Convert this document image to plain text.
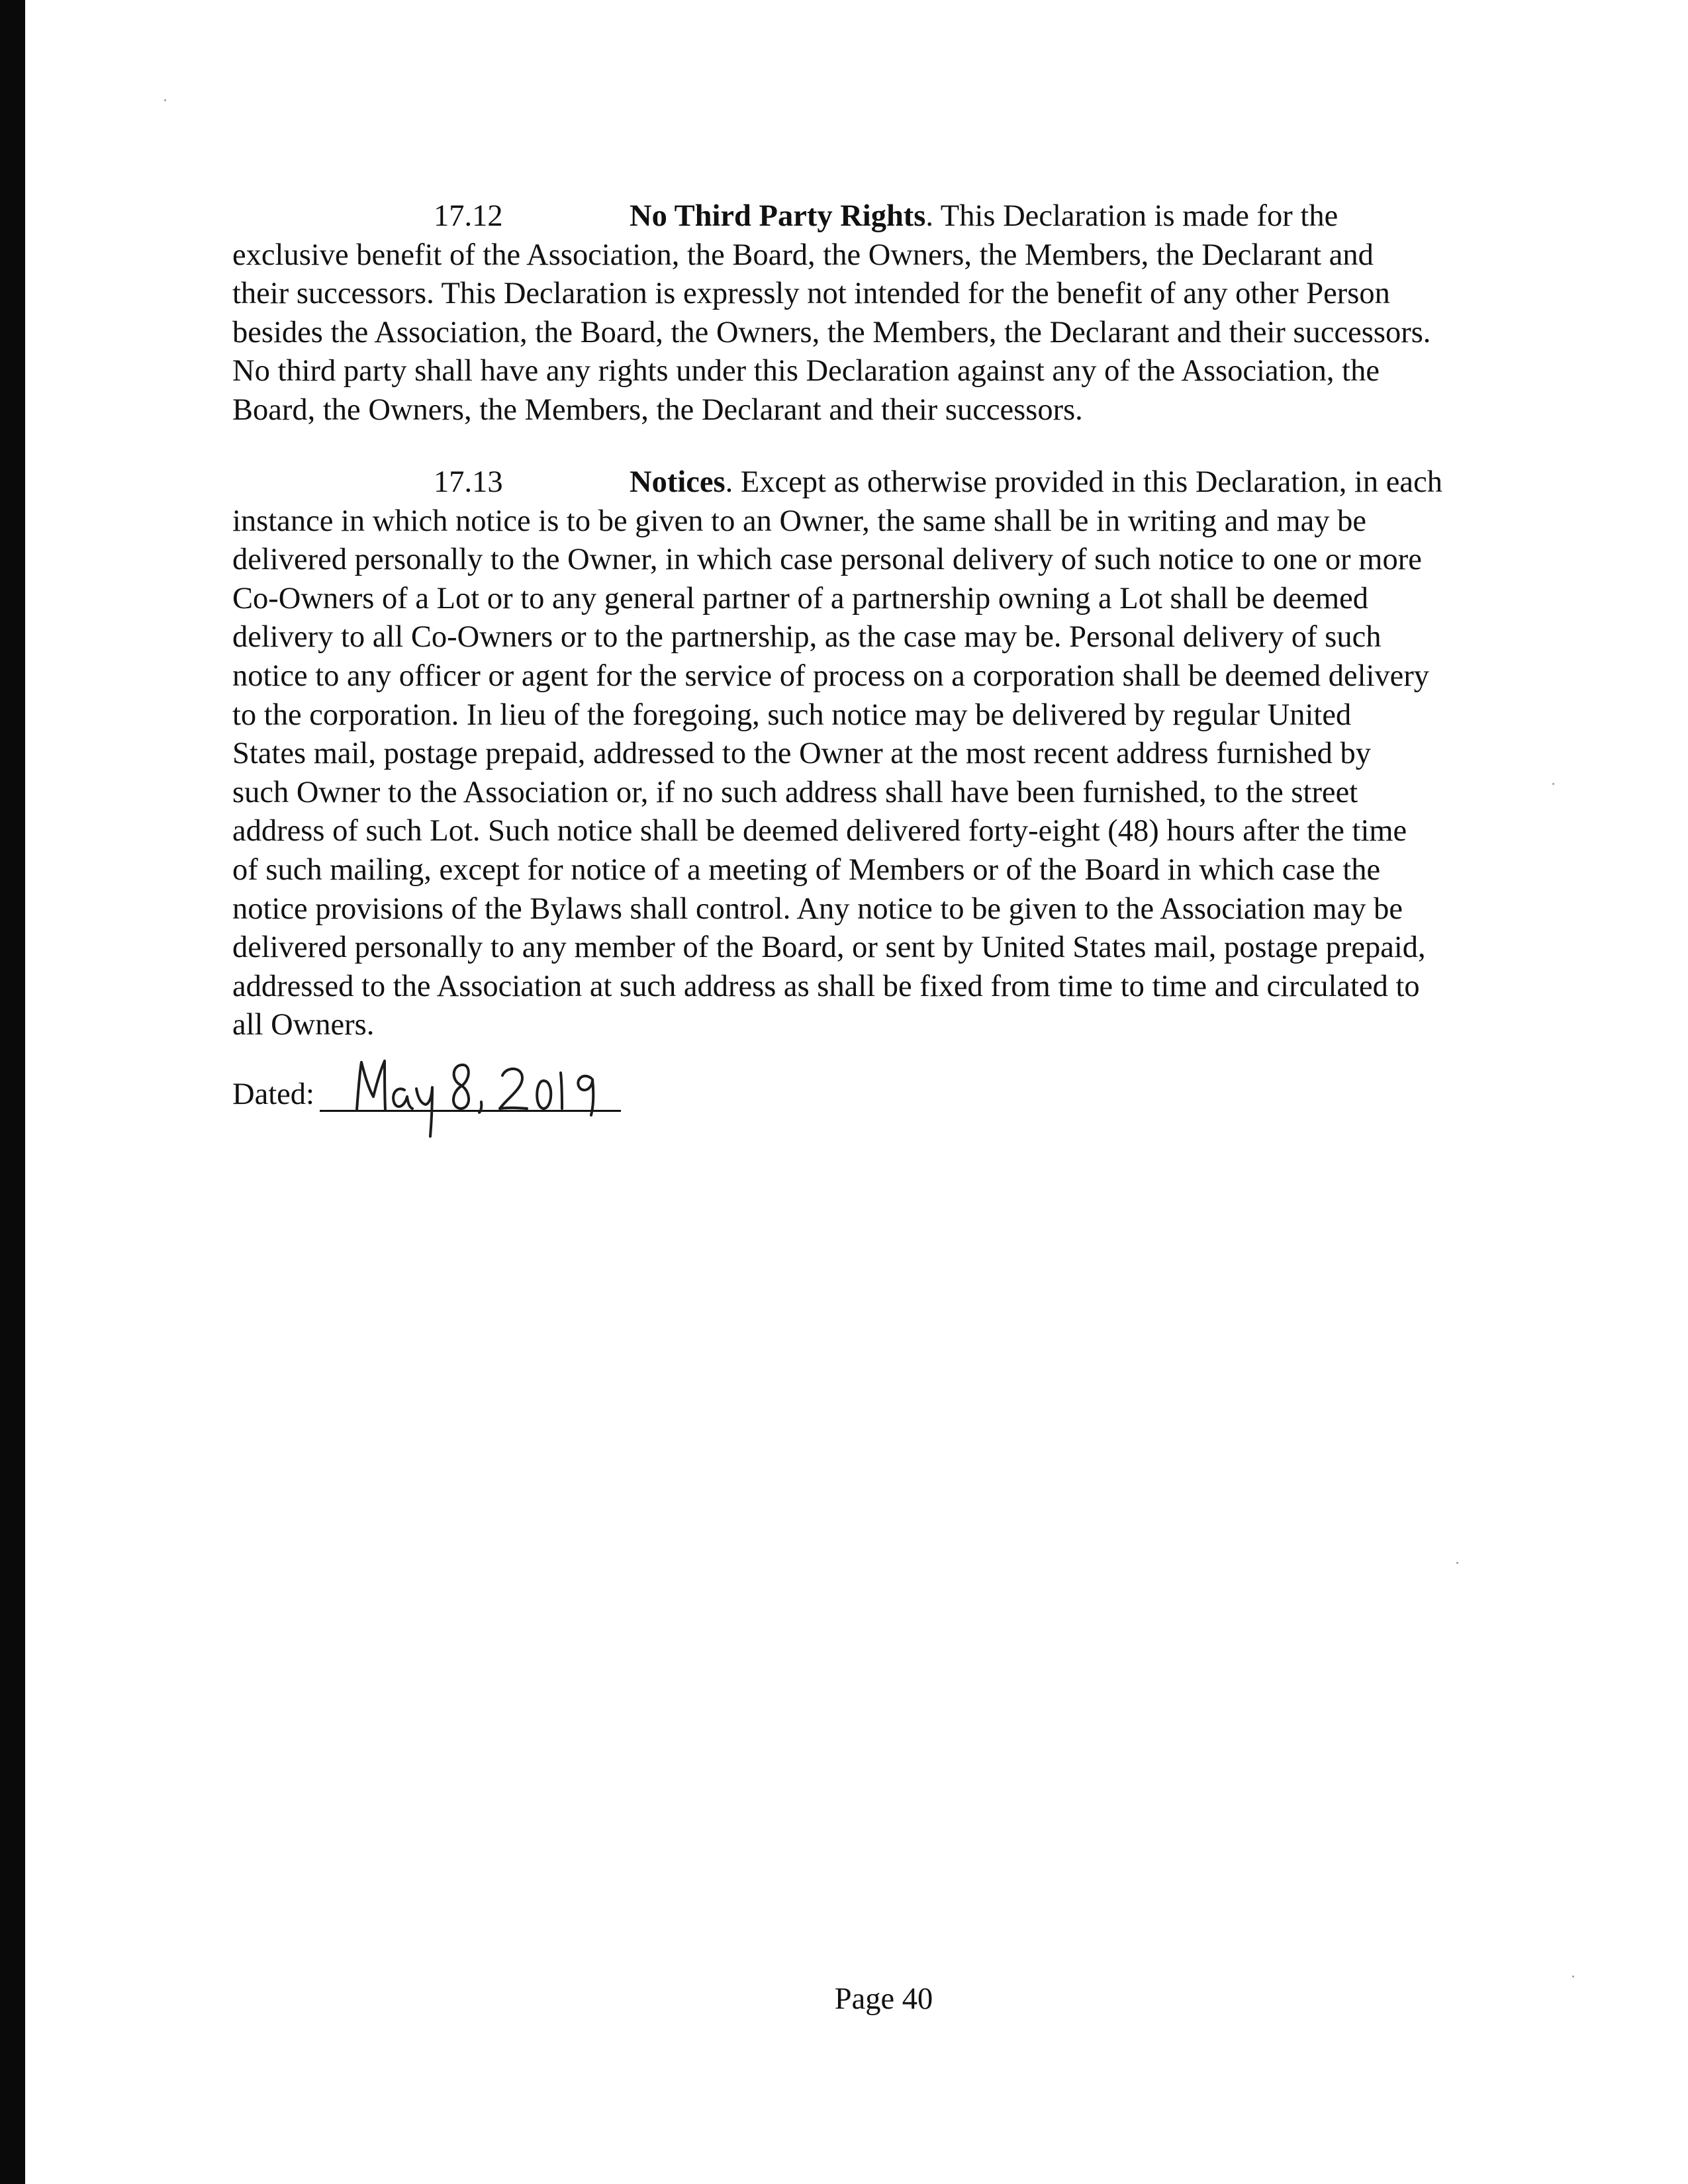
17.12	No Third Party Rights. This Declaration is made for the
exclusive benefit of the Association, the Board, the Owners, the Members, the Declarant and
their successors. This Declaration is expressly not intended for the benefit of any other Person
besides the Association, the Board, the Owners, the Members, the Declarant and their successors.
No third party shall have any rights under this Declaration against any of the Association, the
Board, the Owners, the Members, the Declarant and their successors.
17.13	Notices. Except as otherwise provided in this Declaration, in each
instance in which notice is to be given to an Owner, the same shall be in writing and may be
delivered personally to the Owner, in which case personal delivery of such notice to one or more
Co-Owners of a Lot or to any general partner of a partnership owning a Lot shall be deemed
delivery to all Co-Owners or to the partnership, as the case may be. Personal delivery of such
notice to any officer or agent for the service of process on a corporation shall be deemed delivery
to the corporation. In lieu of the foregoing, such notice may be delivered by regular United
States mail, postage prepaid, addressed to the Owner at the most recent address furnished by
such Owner to the Association or, if no such address shall have been furnished, to the street
address of such Lot. Such notice shall be deemed delivered forty-eight (48) hours after the time
of such mailing, except for notice of a meeting of Members or of the Board in which case the
notice provisions of the Bylaws shall control. Any notice to be given to the Association may be
delivered personally to any member of the Board, or sent by United States mail, postage prepaid,
addressed to the Association at such address as shall be fixed from time to time and circulated to
all Owners.
Dated:
Page 40
